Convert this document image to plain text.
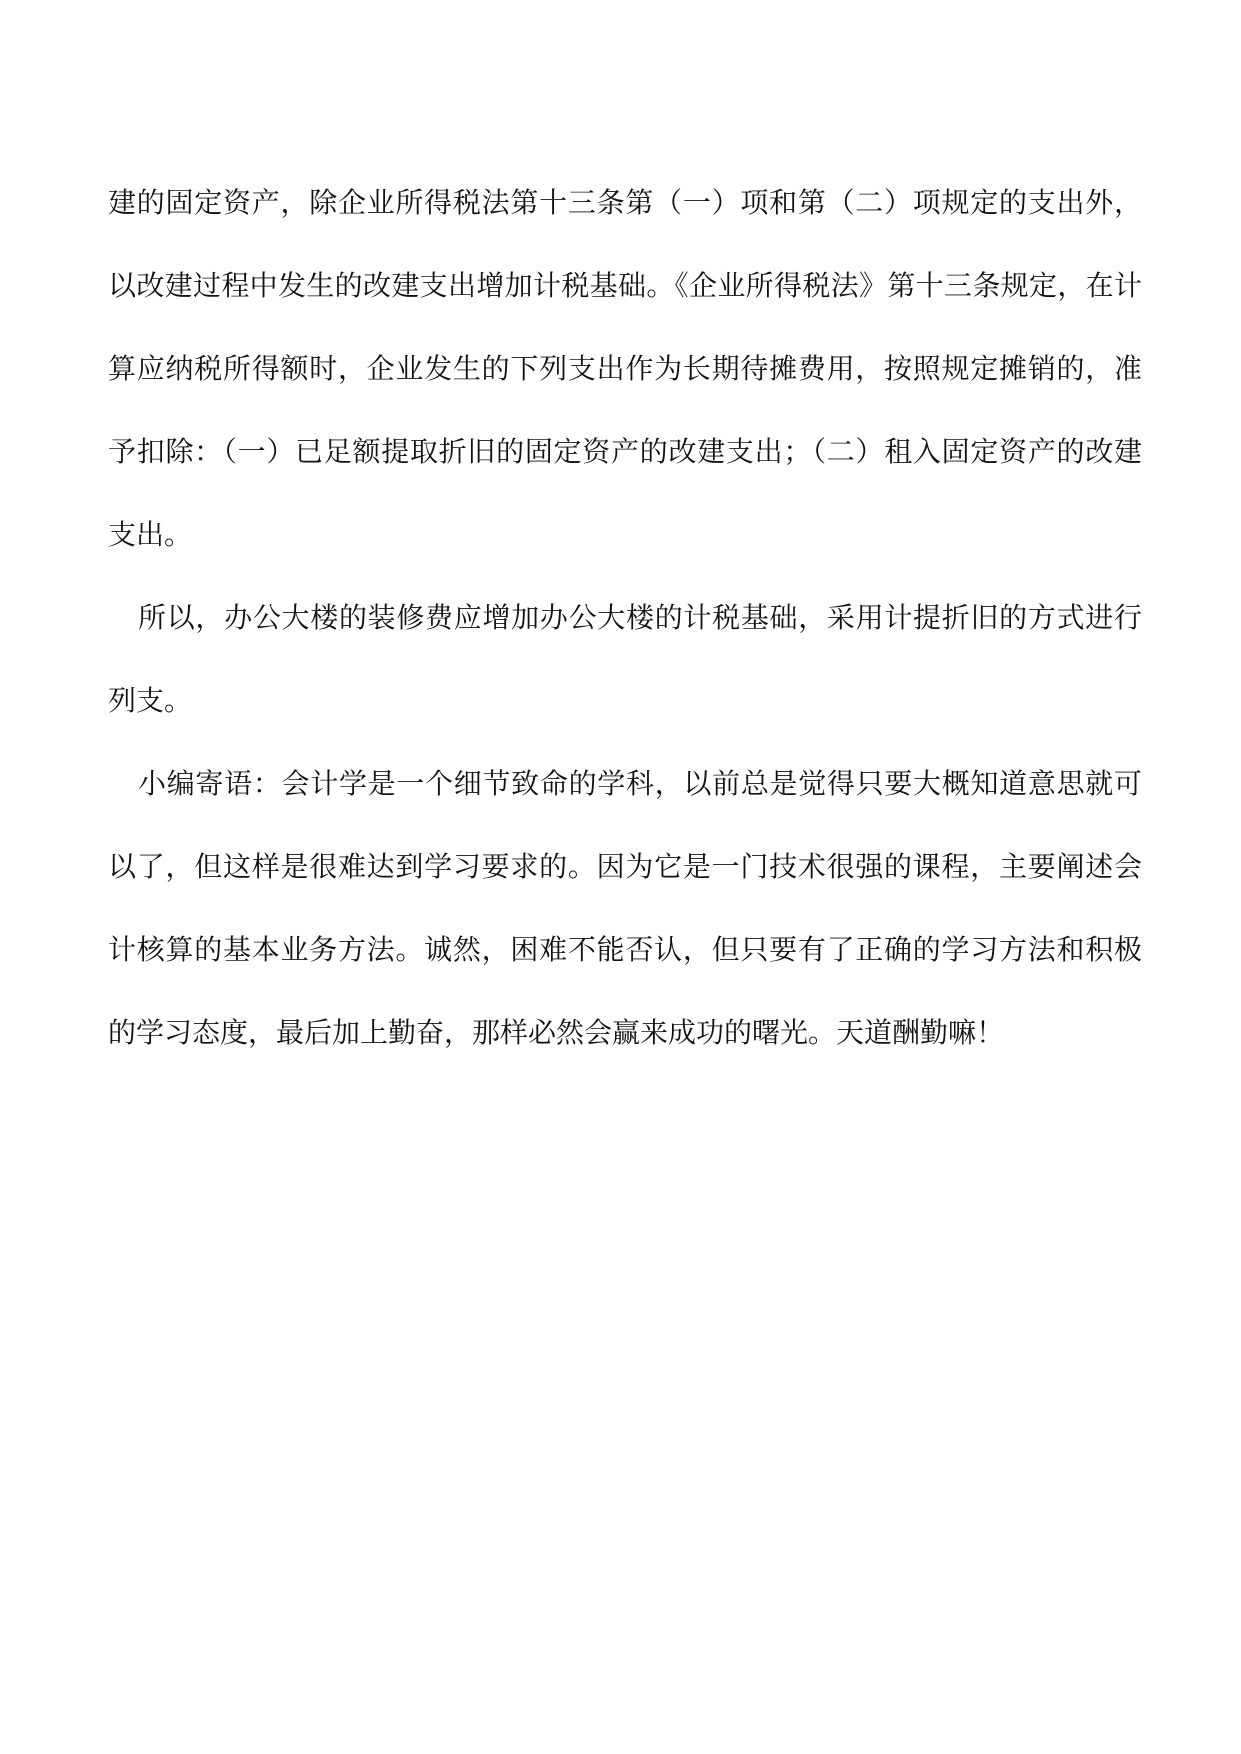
建的固定资产，除企业所得税法第十三条第（一）项和第（二）项规定的支出外，以改建过程中发生的改建支出增加计税基础。《企业所得税法》第十三条规定，在计算应纳税所得额时，企业发生的下列支出作为长期待摊费用，按照规定摊销的，准予扣除：（一）已足额提取折旧的固定资产的改建支出；（二）租入固定资产的改建支出。

所以，办公大楼的装修费应增加办公大楼的计税基础，采用计提折旧的方式进行列支。

小编寄语：会计学是一个细节致命的学科，以前总是觉得只要大概知道意思就可以了，但这样是很难达到学习要求的。因为它是一门技术很强的课程，主要阐述会计核算的基本业务方法。诚然，困难不能否认，但只要有了正确的学习方法和积极的学习态度，最后加上勤奋，那样必然会赢来成功的曙光。天道酬勤嘛！
